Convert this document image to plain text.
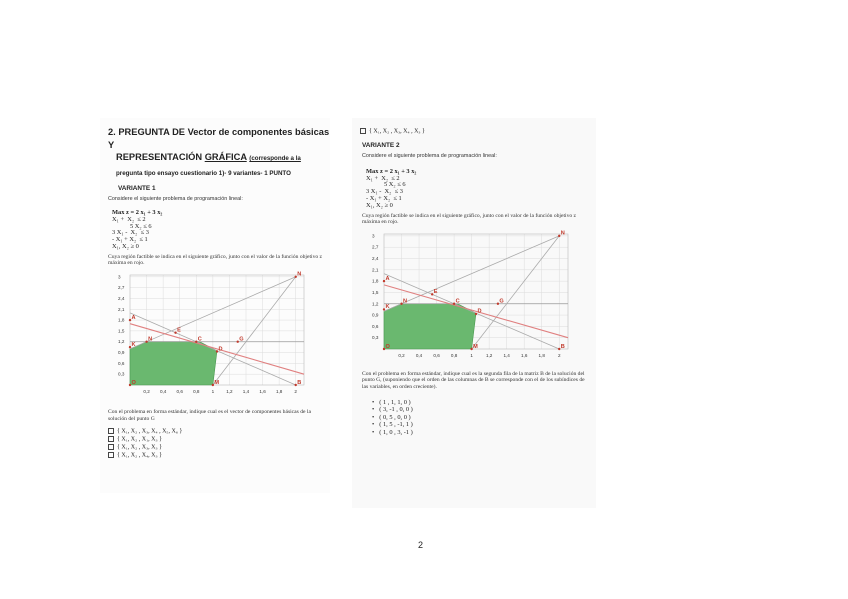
2. PREGUNTA DE Vector de componentes básicas Y
REPRESENTACIÓN GRÁFICA (corresponde a la
pregunta tipo ensayo cuestionario 1)- 9 variantes- 1 PUNTO
VARIANTE 1
Considere el siguiente problema de programación lineal:
Max z = 2 x₁ + 3 x₂
X₁ +  X₂  ≤ 2
5 X₂ ≤ 6
3 X₁ -  X₂  ≤ 3
- X₁ + X₂  ≤ 1
X₁, X₂ ≥ 0
Cuya región factible se indica en el siguiente gráfico, junto con el valor de la función objetivo z máxima en rojo.
0,2 0,4 0,6 0,8	1	1,2 1,4 1,6 1,8	2
3
2,7
2,4
2,1
1,8
1,5
1,2
0,9
0,6
0,3
A
K
N
E
C	G
D
O	M	B
N
Con el problema en forma estándar, indique cual es el vector de componentes básicas de la solución del punto G
{ X₁, X₂ , X₃, X₄ , X₅, X₆ }
{ X₁, X₂ , X₁, X₃ }
{ X₁, X₂ , X₃, X₃ }
{ X₁, X₂ , X₄, X₃ }
{ X₁, X₂ , X₃, X₄ , X₃ }
VARIANTE 2
Considere el siguiente problema de programación lineal:
Max z = 2 x₁ + 3 x₂
X₁ +  X₂  ≤ 2
5 X₂ ≤ 6
3 X₁ -  X₂  ≤ 3
- X₁ + X₂  ≤ 1
X₁, X₂ ≥ 0
Cuya región factible se indica en el siguiente gráfico, junto con el valor de la función objetivo z máxima en rojo.
0,2 0,4 0,6 0,8	1	1,2 1,4 1,6 1,8	2
3
2,7
2,4
2,1
1,8
1,5
1,2
0,9
0,6
0,3
A
K
N
E
C	G
D
O	M	B
N
Con el problema en forma estándar, indique cual es la segunda fila de la matriz B de la solución del punto G, (suponiendo que el orden de las columnas de B se corresponde con el de los subíndices de las variables, en orden creciente).
• ( 1 , 1, 1, 0 )
• ( 3, -1 , 0, 0 )
• ( 0, 5 , 0, 0 )
• ( 1, 5 , -1, 1 )
• ( 1, 0 , 3, -1 )
2
